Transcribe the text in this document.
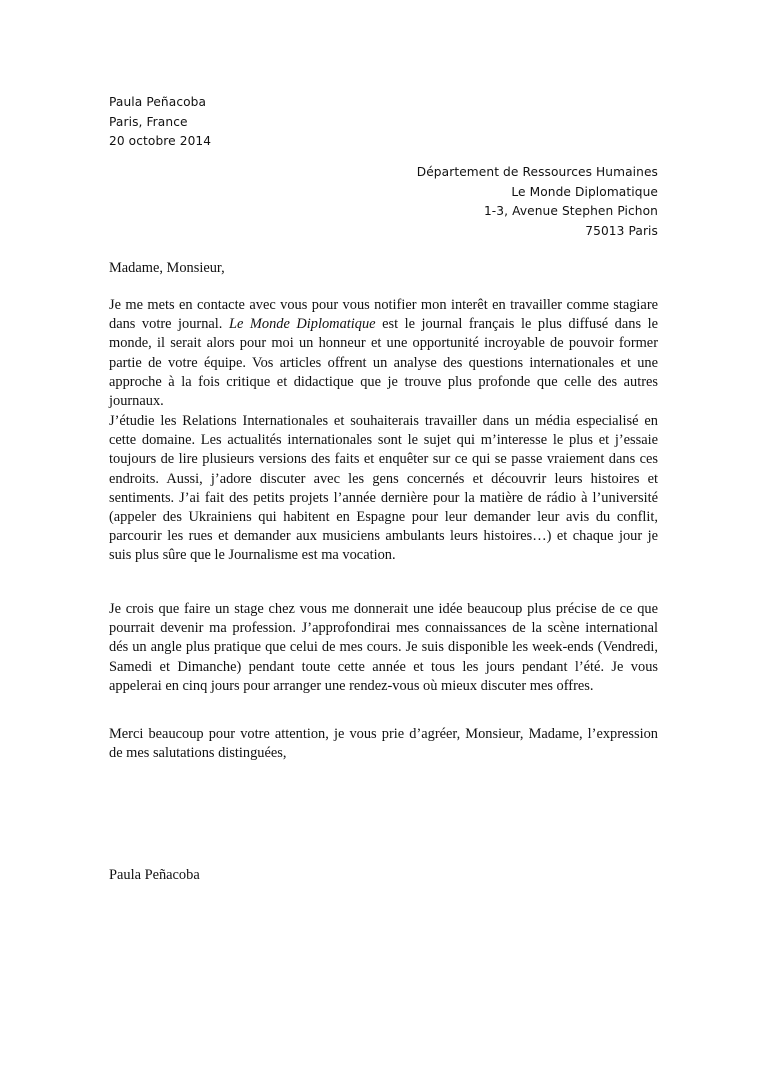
Paula Peñacoba
Paris, France
20 octobre 2014
Département de Ressources Humaines
Le Monde Diplomatique
1-3, Avenue Stephen Pichon
75013 Paris
Madame, Monsieur,
Je me mets en contacte avec vous pour vous notifier mon interêt en travailler comme stagiare dans votre journal. Le Monde Diplomatique est le journal français le plus diffusé dans le monde, il serait alors pour moi un honneur et une opportunité incroyable de pouvoir former partie de votre équipe. Vos articles offrent un analyse des questions internationales et une approche à la fois critique et didactique que je trouve plus profonde que celle des autres journaux.
J’étudie les Relations Internationales et souhaiterais travailler dans un média especialisé en cette domaine. Les actualités internationales sont le sujet qui m’interesse le plus et j’essaie toujours de lire plusieurs versions des faits et enquêter sur ce qui se passe vraiement dans ces endroits. Aussi, j’adore discuter avec les gens concernés et découvrir leurs histoires et sentiments. J’ai fait des petits projets l’année dernière pour la matière de rádio à l’université (appeler des Ukrainiens qui habitent en Espagne pour leur demander leur avis du conflit, parcourir les rues et demander aux musiciens ambulants leurs histoires…) et chaque jour je suis plus sûre que le Journalisme est ma vocation.
Je crois que faire un stage chez vous me donnerait une idée beaucoup plus précise de ce que pourrait devenir ma profession. J’approfondirai mes connaissances de la scène international dés un angle plus pratique que celui de mes cours. Je suis disponible les week-ends (Vendredi, Samedi et Dimanche) pendant toute cette année et tous les jours pendant l’été. Je vous appelerai en cinq jours pour arranger une rendez-vous où mieux discuter mes offres.
Merci beaucoup pour votre attention, je vous prie d’agréer, Monsieur, Madame, l’expression de mes salutations distinguées,
Paula Peñacoba
